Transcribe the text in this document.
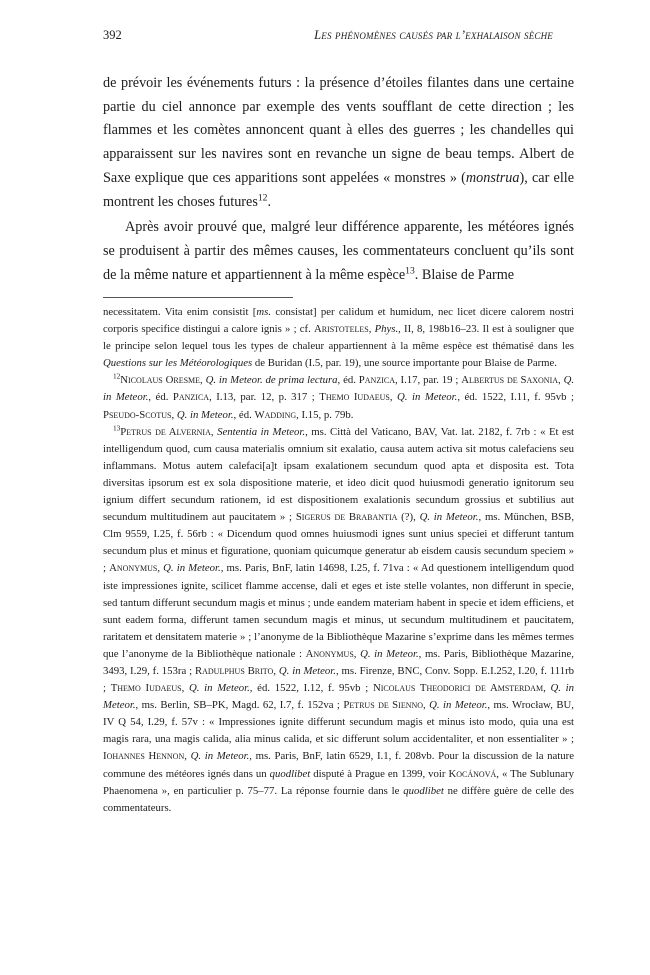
392	Les phénomènes causés par l’exhalaison sèche

de prévoir les événements futurs : la présence d’étoiles filantes dans une certaine partie du ciel annonce par exemple des vents soufflant de cette direction ; les flammes et les comètes annoncent quant à elles des guerres ; les chandelles qui apparaissent sur les navires sont en revanche un signe de beau temps. Albert de Saxe explique que ces apparitions sont appelées « monstres » (monstrua), car elle montrent les choses futures$^{12}$.

Après avoir prouvé que, malgré leur différence apparente, les météores ignés se produisent à partir des mêmes causes, les commentateurs concluent qu’ils sont de la même nature et appartiennent à la même espèce$^{13}$. Blaise de Parme

necessitatem. Vita enim consistit [ms. consistat] per calidum et humidum, nec licet dicere calorem nostri corporis specifice distingui a calore ignis » ; cf. Aristoteles, Phys., II, 8, 198b16–23. Il est à souligner que le principe selon lequel tous les types de chaleur appartiennent à la même espèce est thématisé dans les Questions sur les Météorologiques de Buridan (I.5, par. 19), une source importante pour Blaise de Parme.

$^{12}$Nicolaus Oresme, Q. in Meteor. de prima lectura, éd. Panzica, I.17, par. 19 ; Albertus de Saxonia, Q. in Meteor., éd. Panzica, I.13, par. 12, p. 317 ; Themo Iudaeus, Q. in Meteor., éd. 1522, I.11, f. 95vb ; Pseudo-Scotus, Q. in Meteor., éd. Wadding, I.15, p. 79b.

$^{13}$Petrus de Alvernia, Sententia in Meteor., ms. Città del Vaticano, BAV, Vat. lat. 2182, f. 7rb : « Et est intelligendum quod, cum causa materialis omnium sit exalatio, causa autem activa sit motus calefaciens seu inflammans. Motus autem calefaci[a]t ipsam exalationem secundum quod apta et disposita est. Tota diversitas ipsorum est ex sola dispositione materie, et ideo dicit quod huiusmodi generatio ignitorum seu ignium differt secundum rationem, id est dispositionem exalationis secundum grossius et subtilius aut secundum multitudinem aut paucitatem » ; Sigerus de Brabantia (?), Q. in Meteor., ms. München, BSB, Clm 9559, I.25, f. 56rb : « Dicendum quod omnes huiusmodi ignes sunt unius speciei et differunt tantum secundum plus et minus et figuratione, quoniam quicumque generatur ab eisdem causis secundum speciem » ; Anonymus, Q. in Meteor., ms. Paris, BnF, latin 14698, I.25, f. 71va : « Ad questionem intelligendum quod iste impressiones ignite, scilicet flamme accense, dali et eges et iste stelle volantes, non differunt in specie, sed tantum differunt secundum magis et minus ; unde eandem materiam habent in specie et idem efficiens, et sunt eadem forma, differunt tamen secundum magis et minus, ut secundum multitudinem et paucitatem, raritatem et densitatem materie » ; l’anonyme de la Bibliothèque Mazarine s’exprime dans les mêmes termes que l’anonyme de la Bibliothèque nationale : Anonymus, Q. in Meteor., ms. Paris, Bibliothèque Mazarine, 3493, I.29, f. 153ra ; Radulphus Brito, Q. in Meteor., ms. Firenze, BNC, Conv. Sopp. E.I.252, I.20, f. 111rb ; Themo Iudaeus, Q. in Meteor., éd. 1522, I.12, f. 95vb ; Nicolaus Theodorici de Amsterdam, Q. in Meteor., ms. Berlin, SB–PK, Magd. 62, I.7, f. 152va ; Petrus de Sienno, Q. in Meteor., ms. Wrocław, BU, IV Q 54, I.29, f. 57v : « Impressiones ignite differunt secundum magis et minus isto modo, quia una est magis rara, una magis calida, alia minus calida, et sic differunt solum accidentaliter, et non essentialiter » ; Iohannes Hennon, Q. in Meteor., ms. Paris, BnF, latin 6529, I.1, f. 208vb. Pour la discussion de la nature commune des météores ignés dans un quodlibet disputé à Prague en 1399, voir Kocánová, « The Sublunary Phaenomena », en particulier p. 75–77. La réponse fournie dans le quodlibet ne diffère guère de celle des commentateurs.
